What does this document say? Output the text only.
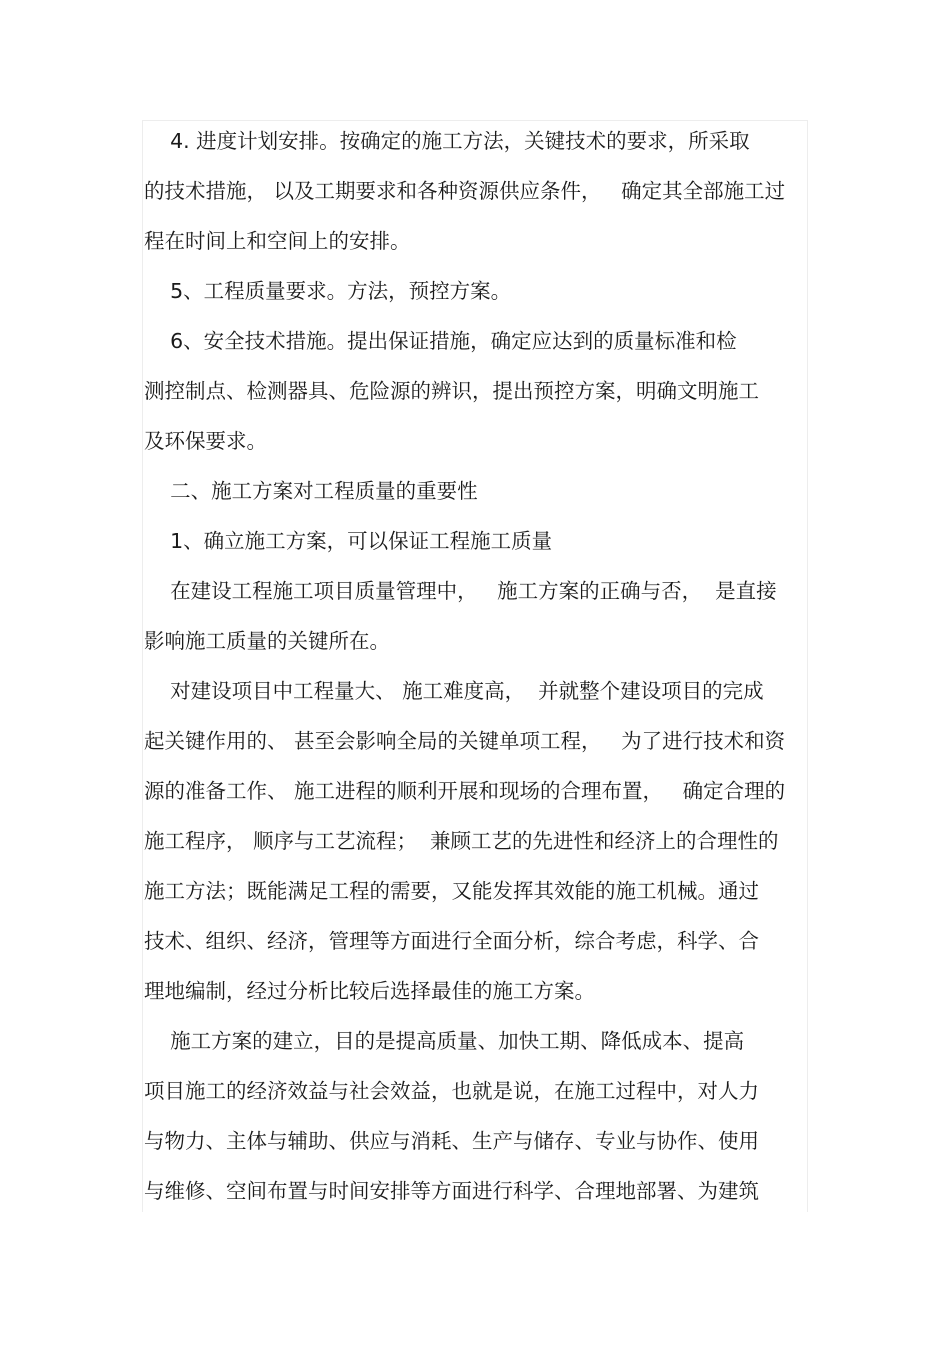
4. 进度计划安排。按确定的施工方法，关键技术的要求，所采取
的技术措施， 以及工期要求和各种资源供应条件，   确定其全部施工过
程在时间上和空间上的安排。
5、工程质量要求。方法，预控方案。
6、安全技术措施。提出保证措施，确定应达到的质量标准和检
测控制点、检测器具、危险源的辨识，提出预控方案，明确文明施工
及环保要求。
二、施工方案对工程质量的重要性
1、确立施工方案，可以保证工程施工质量
在建设工程施工项目质量管理中，   施工方案的正确与否，  是直接
影响施工质量的关键所在。
对建设项目中工程量大、 施工难度高，  并就整个建设项目的完成
起关键作用的、 甚至会影响全局的关键单项工程，   为了进行技术和资
源的准备工作、 施工进程的顺利开展和现场的合理布置，   确定合理的
施工程序， 顺序与工艺流程；  兼顾工艺的先进性和经济上的合理性的
施工方法；既能满足工程的需要，又能发挥其效能的施工机械。通过
技术、组织、经济，管理等方面进行全面分析，综合考虑，科学、合
理地编制，经过分析比较后选择最佳的施工方案。
施工方案的建立，目的是提高质量、加快工期、降低成本、提高
项目施工的经济效益与社会效益，也就是说，在施工过程中，对人力
与物力、主体与辅助、供应与消耗、生产与储存、专业与协作、使用
与维修、空间布置与时间安排等方面进行科学、合理地部署、为建筑
